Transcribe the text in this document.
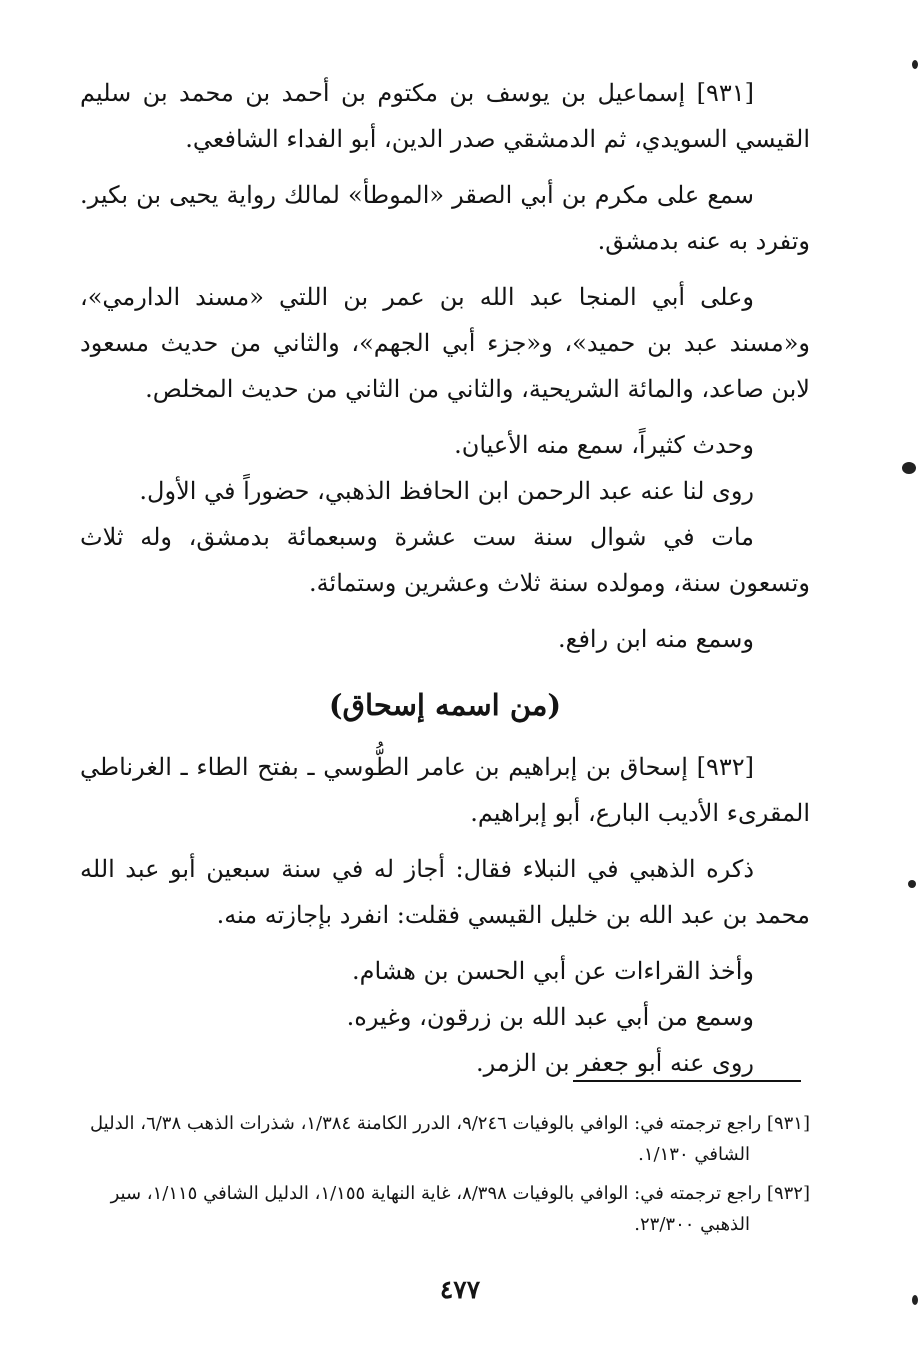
[٩٣١] إسماعيل بن يوسف بن مكتوم بن أحمد بن محمد بن سليم القيسي السويدي، ثم الدمشقي صدر الدين، أبو الفداء الشافعي.

سمع على مكرم بن أبي الصقر «الموطأ» لمالك رواية يحيى بن بكير. وتفرد به عنه بدمشق.

وعلى أبي المنجا عبد الله بن عمر بن اللتي «مسند الدارمي»، و«مسند عبد بن حميد»، و«جزء أبي الجهم»، والثاني من حديث مسعود لابن صاعد، والمائة الشريحية، والثاني من الثاني من حديث المخلص.

وحدث كثيراً، سمع منه الأعيان.

روى لنا عنه عبد الرحمن ابن الحافظ الذهبي، حضوراً في الأول.

مات في شوال سنة ست عشرة وسبعمائة بدمشق، وله ثلاث وتسعون سنة، ومولده سنة ثلاث وعشرين وستمائة.

وسمع منه ابن رافع.

(من اسمه إسحاق)

[٩٣٢] إسحاق بن إبراهيم بن عامر الطُّوسي ـ بفتح الطاء ـ الغرناطي المقرىء الأديب البارع، أبو إبراهيم.

ذكره الذهبي في النبلاء فقال: أجاز له في سنة سبعين أبو عبد الله محمد بن عبد الله بن خليل القيسي فقلت: انفرد بإجازته منه.

وأخذ القراءات عن أبي الحسن بن هشام.

وسمع من أبي عبد الله بن زرقون، وغيره.

روى عنه أبو جعفر بن الزمر.

[٩٣١] راجع ترجمته في: الوافي بالوفيات ٩/٢٤٦، الدرر الكامنة ١/٣٨٤، شذرات الذهب ٦/٣٨، الدليل
الشافي ١/١٣٠.
[٩٣٢] راجع ترجمته في: الوافي بالوفيات ٨/٣٩٨، غاية النهاية ١/١٥٥، الدليل الشافي ١/١١٥، سير
الذهبي ٢٣/٣٠٠.
٤٧٧
